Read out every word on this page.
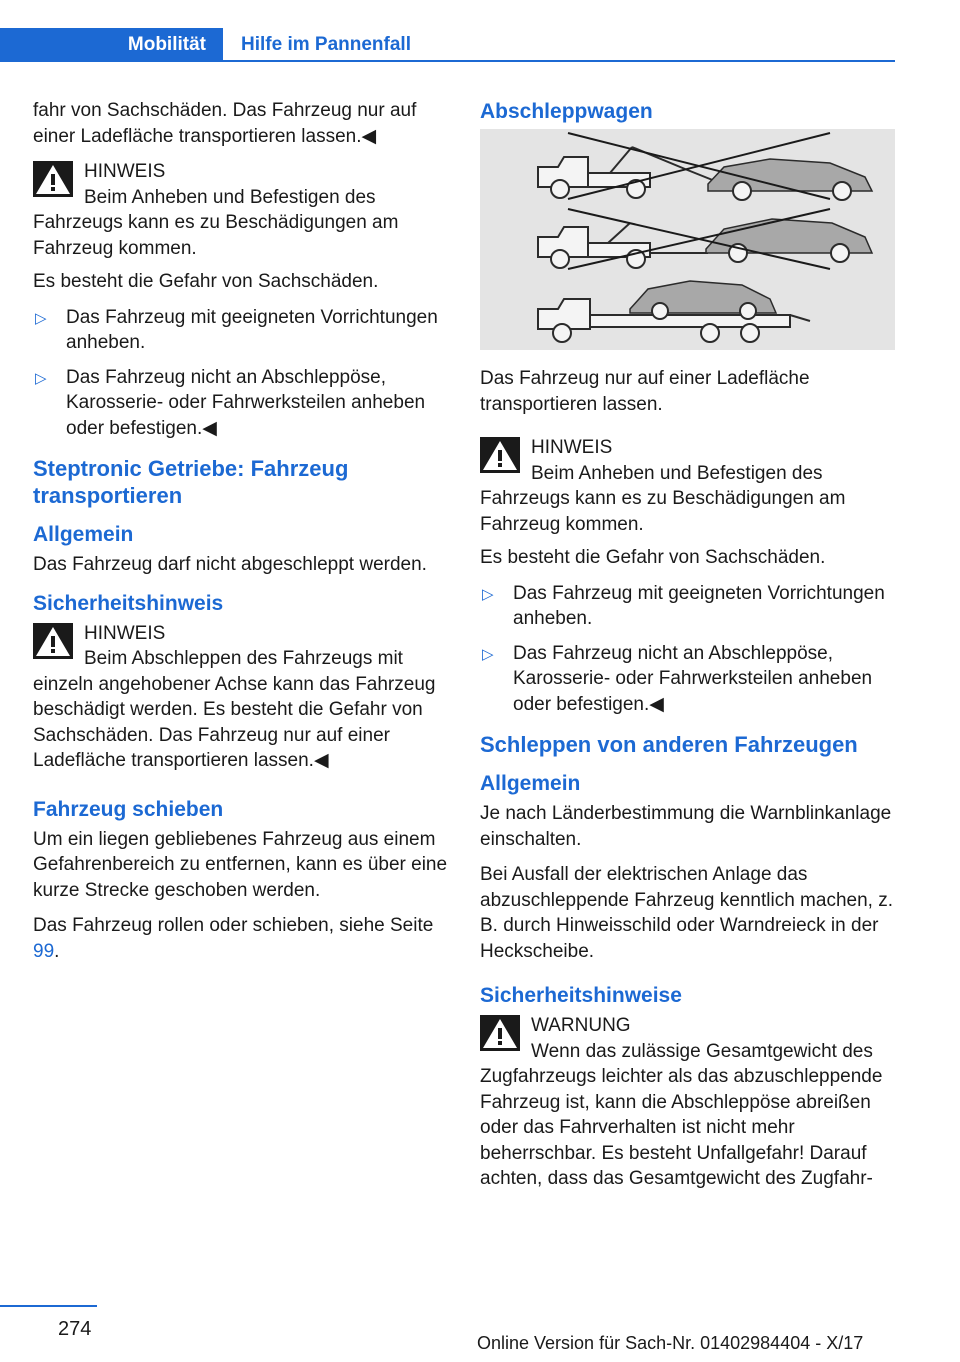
Mobilität	Hilfe im Pannenfall

fahr von Sachschäden. Das Fahrzeug nur auf einer Ladefläche transportieren lassen.◀

HINWEIS

Beim Anheben und Befestigen des Fahrzeugs kann es zu Beschädigungen am Fahrzeug kommen.

Es besteht die Gefahr von Sachschäden.

▷ Das Fahrzeug mit geeigneten Vorrichtungen anheben.
▷ Das Fahrzeug nicht an Abschleppöse, Karosserie- oder Fahrwerksteilen anheben oder befestigen.◀
Steptronic Getriebe: Fahrzeug transportieren
Allgemein

Das Fahrzeug darf nicht abgeschleppt werden.

Sicherheitshinweis
HINWEIS

Beim Abschleppen des Fahrzeugs mit einzeln angehobener Achse kann das Fahrzeug beschädigt werden. Es besteht die Gefahr von Sachschäden. Das Fahrzeug nur auf einer Ladefläche transportieren lassen.◀

Fahrzeug schieben

Um ein liegen gebliebenes Fahrzeug aus einem Gefahrenbereich zu entfernen, kann es über eine kurze Strecke geschoben werden.

Das Fahrzeug rollen oder schieben, siehe Seite 99.

Abschleppwagen

Das Fahrzeug nur auf einer Ladefläche transportieren lassen.

HINWEIS

Beim Anheben und Befestigen des Fahrzeugs kann es zu Beschädigungen am Fahrzeug kommen.

Es besteht die Gefahr von Sachschäden.

▷ Das Fahrzeug mit geeigneten Vorrichtungen anheben.
▷ Das Fahrzeug nicht an Abschleppöse, Karosserie- oder Fahrwerksteilen anheben oder befestigen.◀
Schleppen von anderen Fahrzeugen
Allgemein

Je nach Länderbestimmung die Warnblinkanlage einschalten.

Bei Ausfall der elektrischen Anlage das abzuschleppende Fahrzeug kenntlich machen, z. B. durch Hinweisschild oder Warndreieck in der Heckscheibe.

Sicherheitshinweise
WARNUNG

Wenn das zulässige Gesamtgewicht des Zugfahrzeugs leichter als das abzuschleppende Fahrzeug ist, kann die Abschleppöse abreißen oder das Fahrverhalten ist nicht mehr beherrschbar. Es besteht Unfallgefahr! Darauf achten, dass das Gesamtgewicht des Zugfahr-

274
Online Version für Sach-Nr. 01402984404 - X/17
